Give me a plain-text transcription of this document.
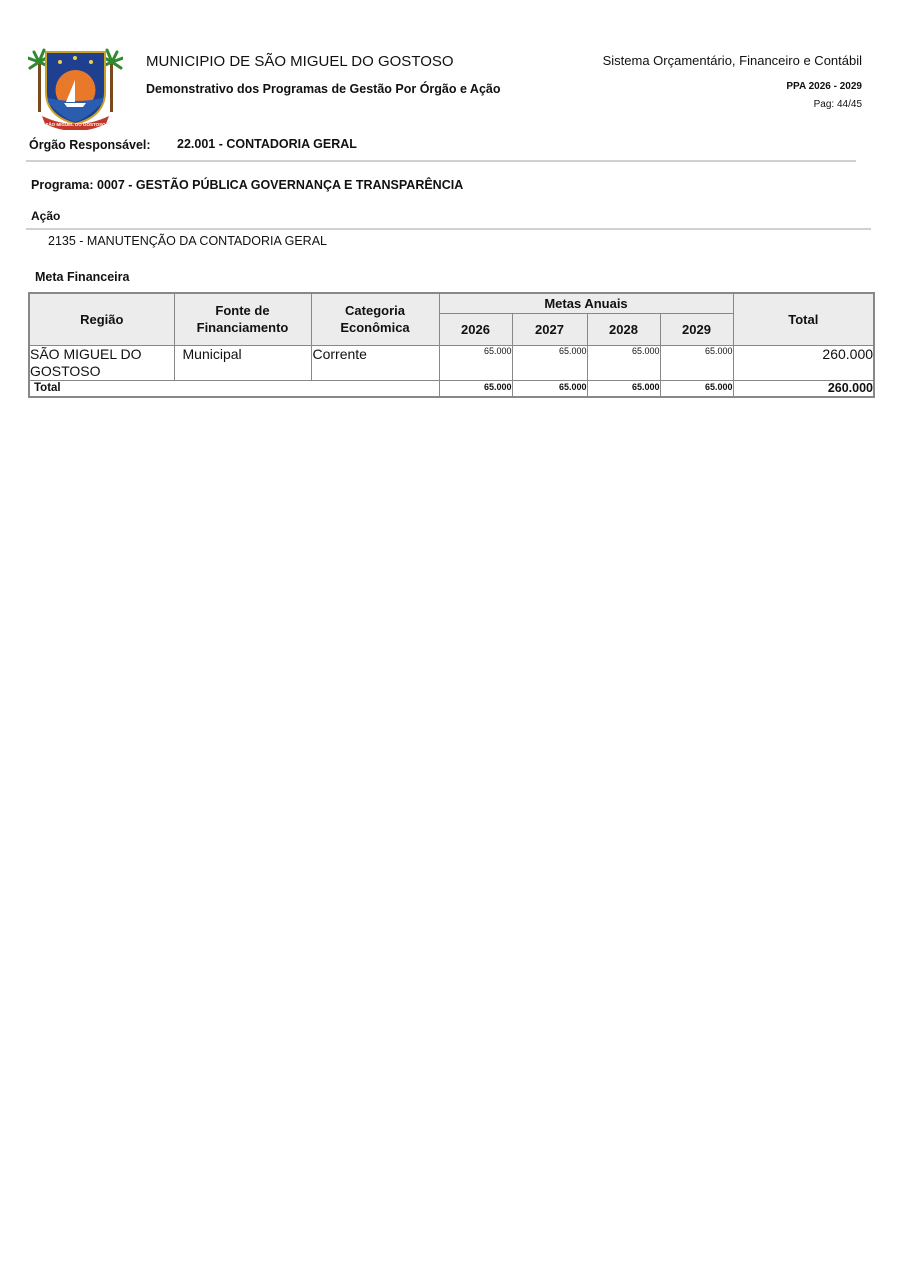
SÃO MIGUEL DO GOSTOSO
MUNICIPIO DE SÃO MIGUEL DO GOSTOSO
Demonstrativo dos Programas de Gestão Por Órgão e Ação
Sistema Orçamentário, Financeiro e Contábil
PPA 2026 - 2029
Pag: 44/45
Órgão Responsável: 22.001 - CONTADORIA GERAL
Programa: 0007 - GESTÃO PÚBLICA GOVERNANÇA E TRANSPARÊNCIA
Ação
2135 - MANUTENÇÃO DA CONTADORIA GERAL
Meta Financeira
Região	Fonte de Financiamento	Categoria Econômica	Metas Anuais				Total
			2026	2027	2028	2029	
SÃO MIGUEL DO GOSTOSO	Municipal	Corrente	65.000	65.000	65.000	65.000	260.000
Total			65.000	65.000	65.000	65.000	260.000
